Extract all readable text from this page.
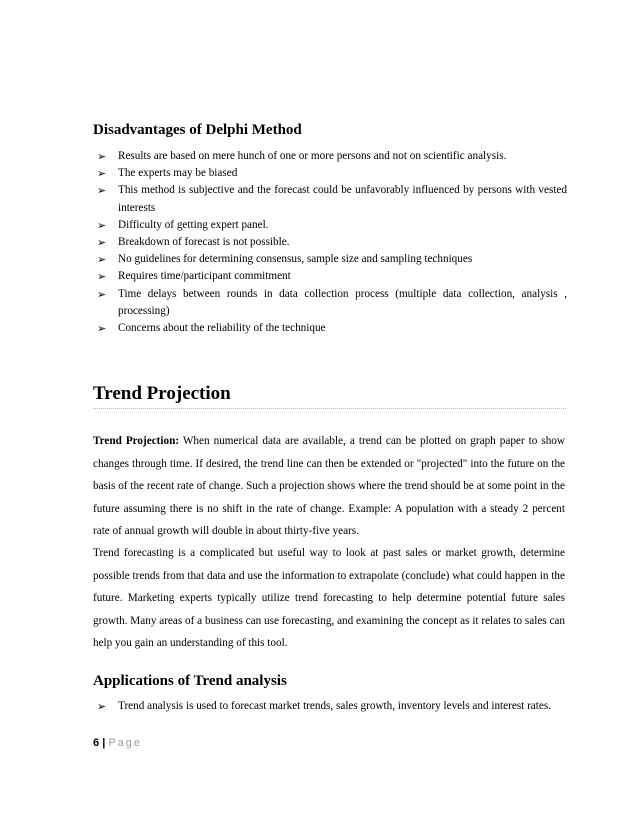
Disadvantages of Delphi Method
➢ Results are based on mere hunch of one or more persons and not on scientific analysis.
➢ The experts may be biased
➢ This method is subjective and the forecast could be unfavorably influenced by persons with vested interests
➢ Difficulty of getting expert panel.
➢ Breakdown of forecast is not possible.
➢ No guidelines for determining consensus, sample size and sampling techniques
➢ Requires time/participant commitment
➢ Time delays between rounds in data collection process (multiple data collection, analysis , processing)
➢ Concerns about the reliability of the technique
Trend Projection

Trend Projection: When numerical data are available, a trend can be plotted on graph paper to show changes through time. If desired, the trend line can then be extended or "projected" into the future on the basis of the recent rate of change. Such a projection shows where the trend should be at some point in the future assuming there is no shift in the rate of change. Example: A population with a steady 2 percent rate of annual growth will double in about thirty-five years.

Trend forecasting is a complicated but useful way to look at past sales or market growth, determine possible trends from that data and use the information to extrapolate (conclude) what could happen in the future. Marketing experts typically utilize trend forecasting to help determine potential future sales growth. Many areas of a business can use forecasting, and examining the concept as it relates to sales can help you gain an understanding of this tool.

Applications of Trend analysis
➢ Trend analysis is used to forecast market trends, sales growth, inventory levels and interest rates.
6 | Page
